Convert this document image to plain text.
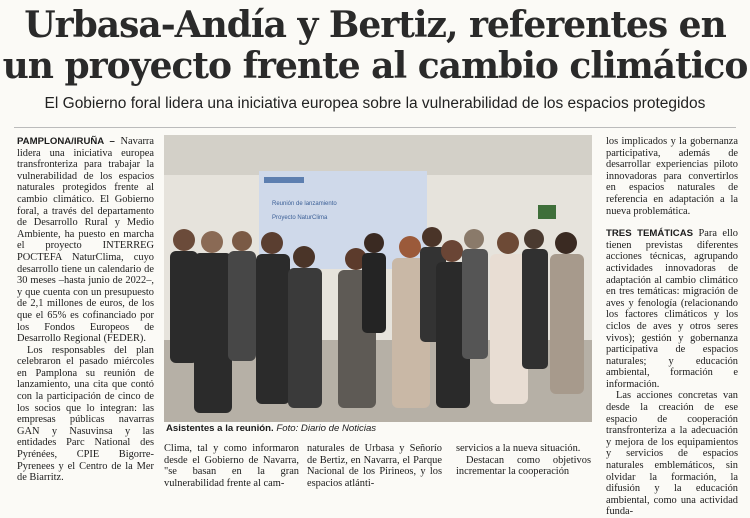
Urbasa-Andía y Bertiz, referentes en
un proyecto frente al cambio climático
El Gobierno foral lidera una iniciativa europea sobre la vulnerabilidad de los espacios protegidos

PAMPLONA/IRUÑA – Navarra lidera una iniciativa europea transfronteriza para trabajar la vulnerabilidad de los espacios naturales protegidos frente al cambio climático. El Gobierno foral, a través del departamento de Desarrollo Rural y Medio Ambiente, ha puesto en marcha el proyecto INTERREG POCTEFA NaturClima, cuyo desarrollo tiene un calendario de 30 meses –hasta junio de 2022–, y que cuenta con un presupuesto de 2,1 millones de euros, de los que el 65% es cofinanciado por los Fondos Europeos de Desarrollo Regional (FEDER).

Los responsables del plan celebraron el pasado miércoles en Pamplona su reunión de lanzamiento, una cita que contó con la participación de cinco de los socios que lo integran: las empresas públicas navarras GAN y Nasuvinsa y las entidades Parc National des Pyrénées, CPIE Bigorre-Pyrenees y el Centro de la Mer de Biarritz.

Reunión de lanzamiento
Proyecto NaturClima
Asistentes a la reunión. Foto: Diario de Noticias

Clima, tal y como informaron desde el Gobierno de Navarra, "se basan en la gran vulnerabilidad frente al cam-

naturales de Urbasa y Señorío de Bertiz, en Navarra, el Parque Nacional de los Pirineos, y los espacios atlánti-

servicios a la nueva situación.

Destacan como objetivos incrementar la cooperación

los implicados y la gobernanza participativa, además de desarrollar experiencias piloto innovadoras para convertirlos en espacios naturales de referencia en adaptación a la nueva problemática.

TRES TEMÁTICAS Para ello tienen previstas diferentes acciones técnicas, agrupando actividades innovadoras de adaptación al cambio climático en tres temáticas: migración de aves y fenología (relacionando los factores climáticos y los ciclos de aves y otros seres vivos); gestión y gobernanza participativa de espacios naturales; y educación ambiental, formación e información.

Las acciones concretas van desde la creación de ese espacio de cooperación transfronteriza a la adecuación y mejora de los equipamientos y servicios de espacios naturales emblemáticos, sin olvidar la formación, la difusión y la educación ambiental, como una actividad funda-
